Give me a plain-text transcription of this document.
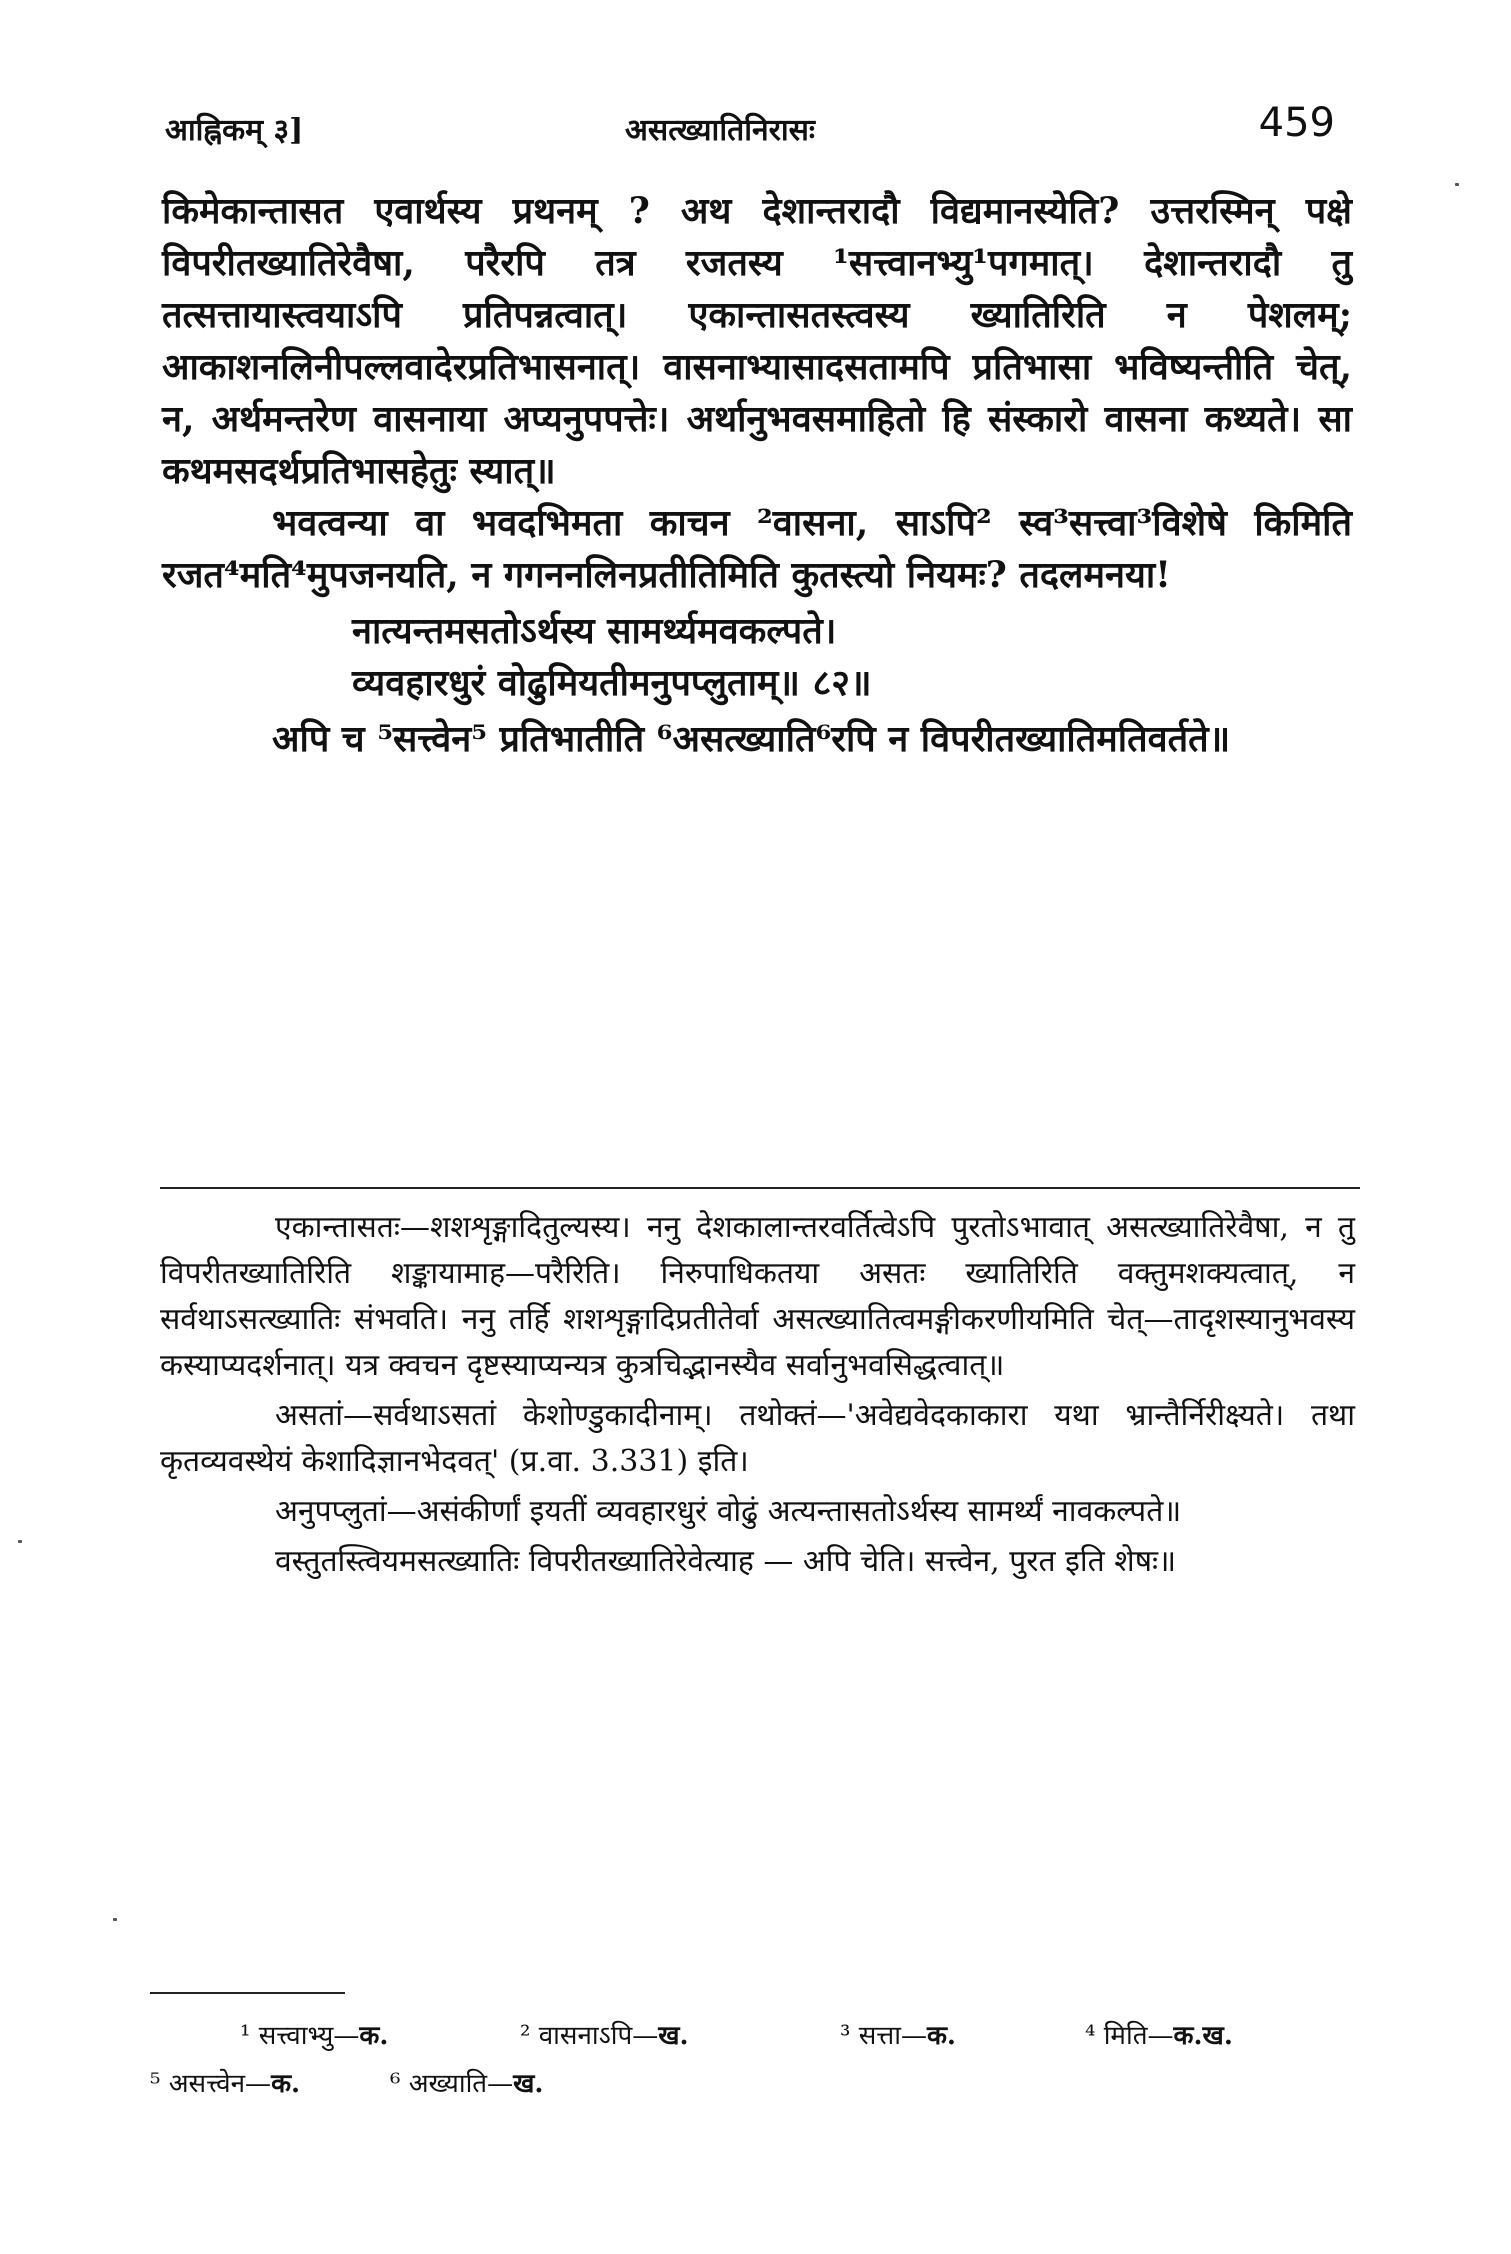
आह्निकम् ३]	असत्ख्यातिनिरासः	459

किमेकान्तासत एवार्थस्य प्रथनम् ? अथ देशान्तरादौ विद्यमानस्येति? उत्तरस्मिन् पक्षे विपरीतख्यातिरेवैषा, परैरपि तत्र रजतस्य ¹सत्त्वानभ्यु¹पगमात्। देशान्तरादौ तु तत्सत्तायास्त्वयाऽपि प्रतिपन्नत्वात्। एकान्तासतस्त्वस्य ख्यातिरिति न पेशलम्; आकाशनलिनीपल्लवादेरप्रतिभासनात्। वासनाभ्यासादसतामपि प्रतिभासा भविष्यन्तीति चेत्, न, अर्थमन्तरेण वासनाया अप्यनुपपत्तेः। अर्थानुभवसमाहितो हि संस्कारो वासना कथ्यते। सा कथमसदर्थप्रतिभासहेतुः स्यात्॥

भवत्वन्या वा भवदभिमता काचन ²वासना, साऽपि² स्व³सत्त्वा³विशेषे किमिति रजत⁴मति⁴मुपजनयति, न गगननलिनप्रतीतिमिति कुतस्त्यो नियमः? तदलमनया!

नात्यन्तमसतोऽर्थस्य सामर्थ्यमवकल्पते।
व्यवहारधुरं वोढुमियतीमनुपप्लुताम्॥ ८२॥

अपि च ⁵सत्त्वेन⁵ प्रतिभातीति ⁶असत्ख्याति⁶रपि न विपरीतख्यातिमतिवर्तते॥

एकान्तासतः—शशशृङ्गादितुल्यस्य। ननु देशकालान्तरवर्तित्वेऽपि पुरतोऽभावात् असत्ख्यातिरेवैषा, न तु विपरीतख्यातिरिति शङ्कायामाह—परैरिति। निरुपाधिकतया असतः ख्यातिरिति वक्तुमशक्यत्वात्, न सर्वथाऽसत्ख्यातिः संभवति। ननु तर्हि शशशृङ्गादिप्रतीतेर्वा असत्ख्यातित्वमङ्गीकरणीयमिति चेत्—तादृशस्यानुभवस्य कस्याप्यदर्शनात्। यत्र क्वचन दृष्टस्याप्यन्यत्र कुत्रचिद्भानस्यैव सर्वानुभवसिद्धत्वात्॥

असतां—सर्वथाऽसतां केशोण्डुकादीनाम्। तथोक्तं—'अवेद्यवेदकाकारा यथा भ्रान्तैर्निरीक्ष्यते। तथा कृतव्यवस्थेयं केशादिज्ञानभेदवत्' (प्र.वा. 3.331) इति।

अनुपप्लुतां—असंकीर्णां इयतीं व्यवहारधुरं वोढुं अत्यन्तासतोऽर्थस्य सामर्थ्यं नावकल्पते॥

वस्तुतस्त्वियमसत्ख्यातिः विपरीतख्यातिरेवेत्याह — अपि चेति। सत्त्वेन, पुरत इति शेषः॥

¹ सत्त्वाभ्यु—क.	² वासनाऽपि—ख.	³ सत्ता—क.	⁴ मिति—क.ख.
⁵ असत्त्वेन—क.	⁶ अख्याति—ख.
